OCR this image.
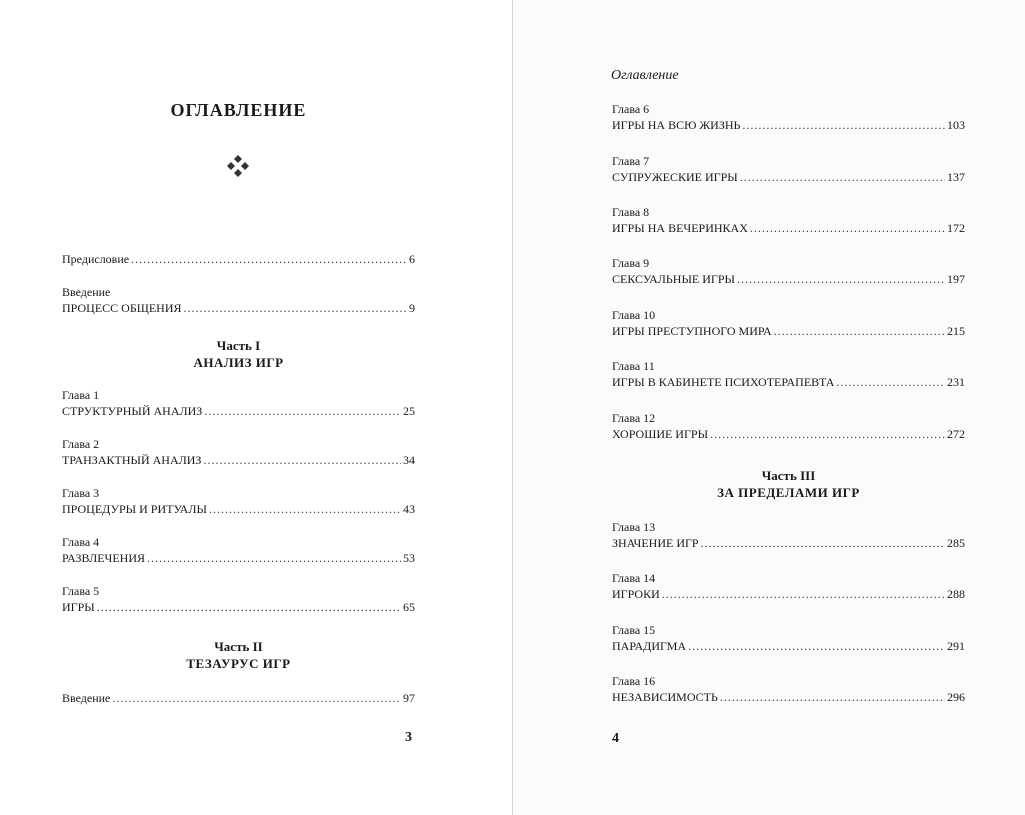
ОГЛАВЛЕНИЕ
Предисловие . . .	6
Введение
ПРОЦЕСС ОБЩЕНИЯ . . .	9
Часть I
АНАЛИЗ ИГР
Глава 1
СТРУКТУРНЫЙ АНАЛИЗ . . .	25
Глава 2
ТРАНЗАКТНЫЙ АНАЛИЗ . . .	34
Глава 3
ПРОЦЕДУРЫ И РИТУАЛЫ . . .	43
Глава 4
РАЗВЛЕЧЕНИЯ . . .	53
Глава 5
ИГРЫ . . .	65
Часть II
ТЕЗАУРУС ИГР
Введение . . .	97
3
Оглавление
Глава 6
ИГРЫ НА ВСЮ ЖИЗНЬ . . .	103
Глава 7
СУПРУЖЕСКИЕ ИГРЫ . . .	137
Глава 8
ИГРЫ НА ВЕЧЕРИНКАХ . . .	172
Глава 9
СЕКСУАЛЬНЫЕ ИГРЫ . . .	197
Глава 10
ИГРЫ ПРЕСТУПНОГО МИРА . . .	215
Глава 11
ИГРЫ В КАБИНЕТЕ ПСИХОТЕРАПЕВТА . . .	231
Глава 12
ХОРОШИЕ ИГРЫ . . .	272
Часть III
ЗА ПРЕДЕЛАМИ ИГР
Глава 13
ЗНАЧЕНИЕ ИГР . . .	285
Глава 14
ИГРОКИ . . .	288
Глава 15
ПАРАДИГМА . . .	291
Глава 16
НЕЗАВИСИМОСТЬ . . .	296
4
